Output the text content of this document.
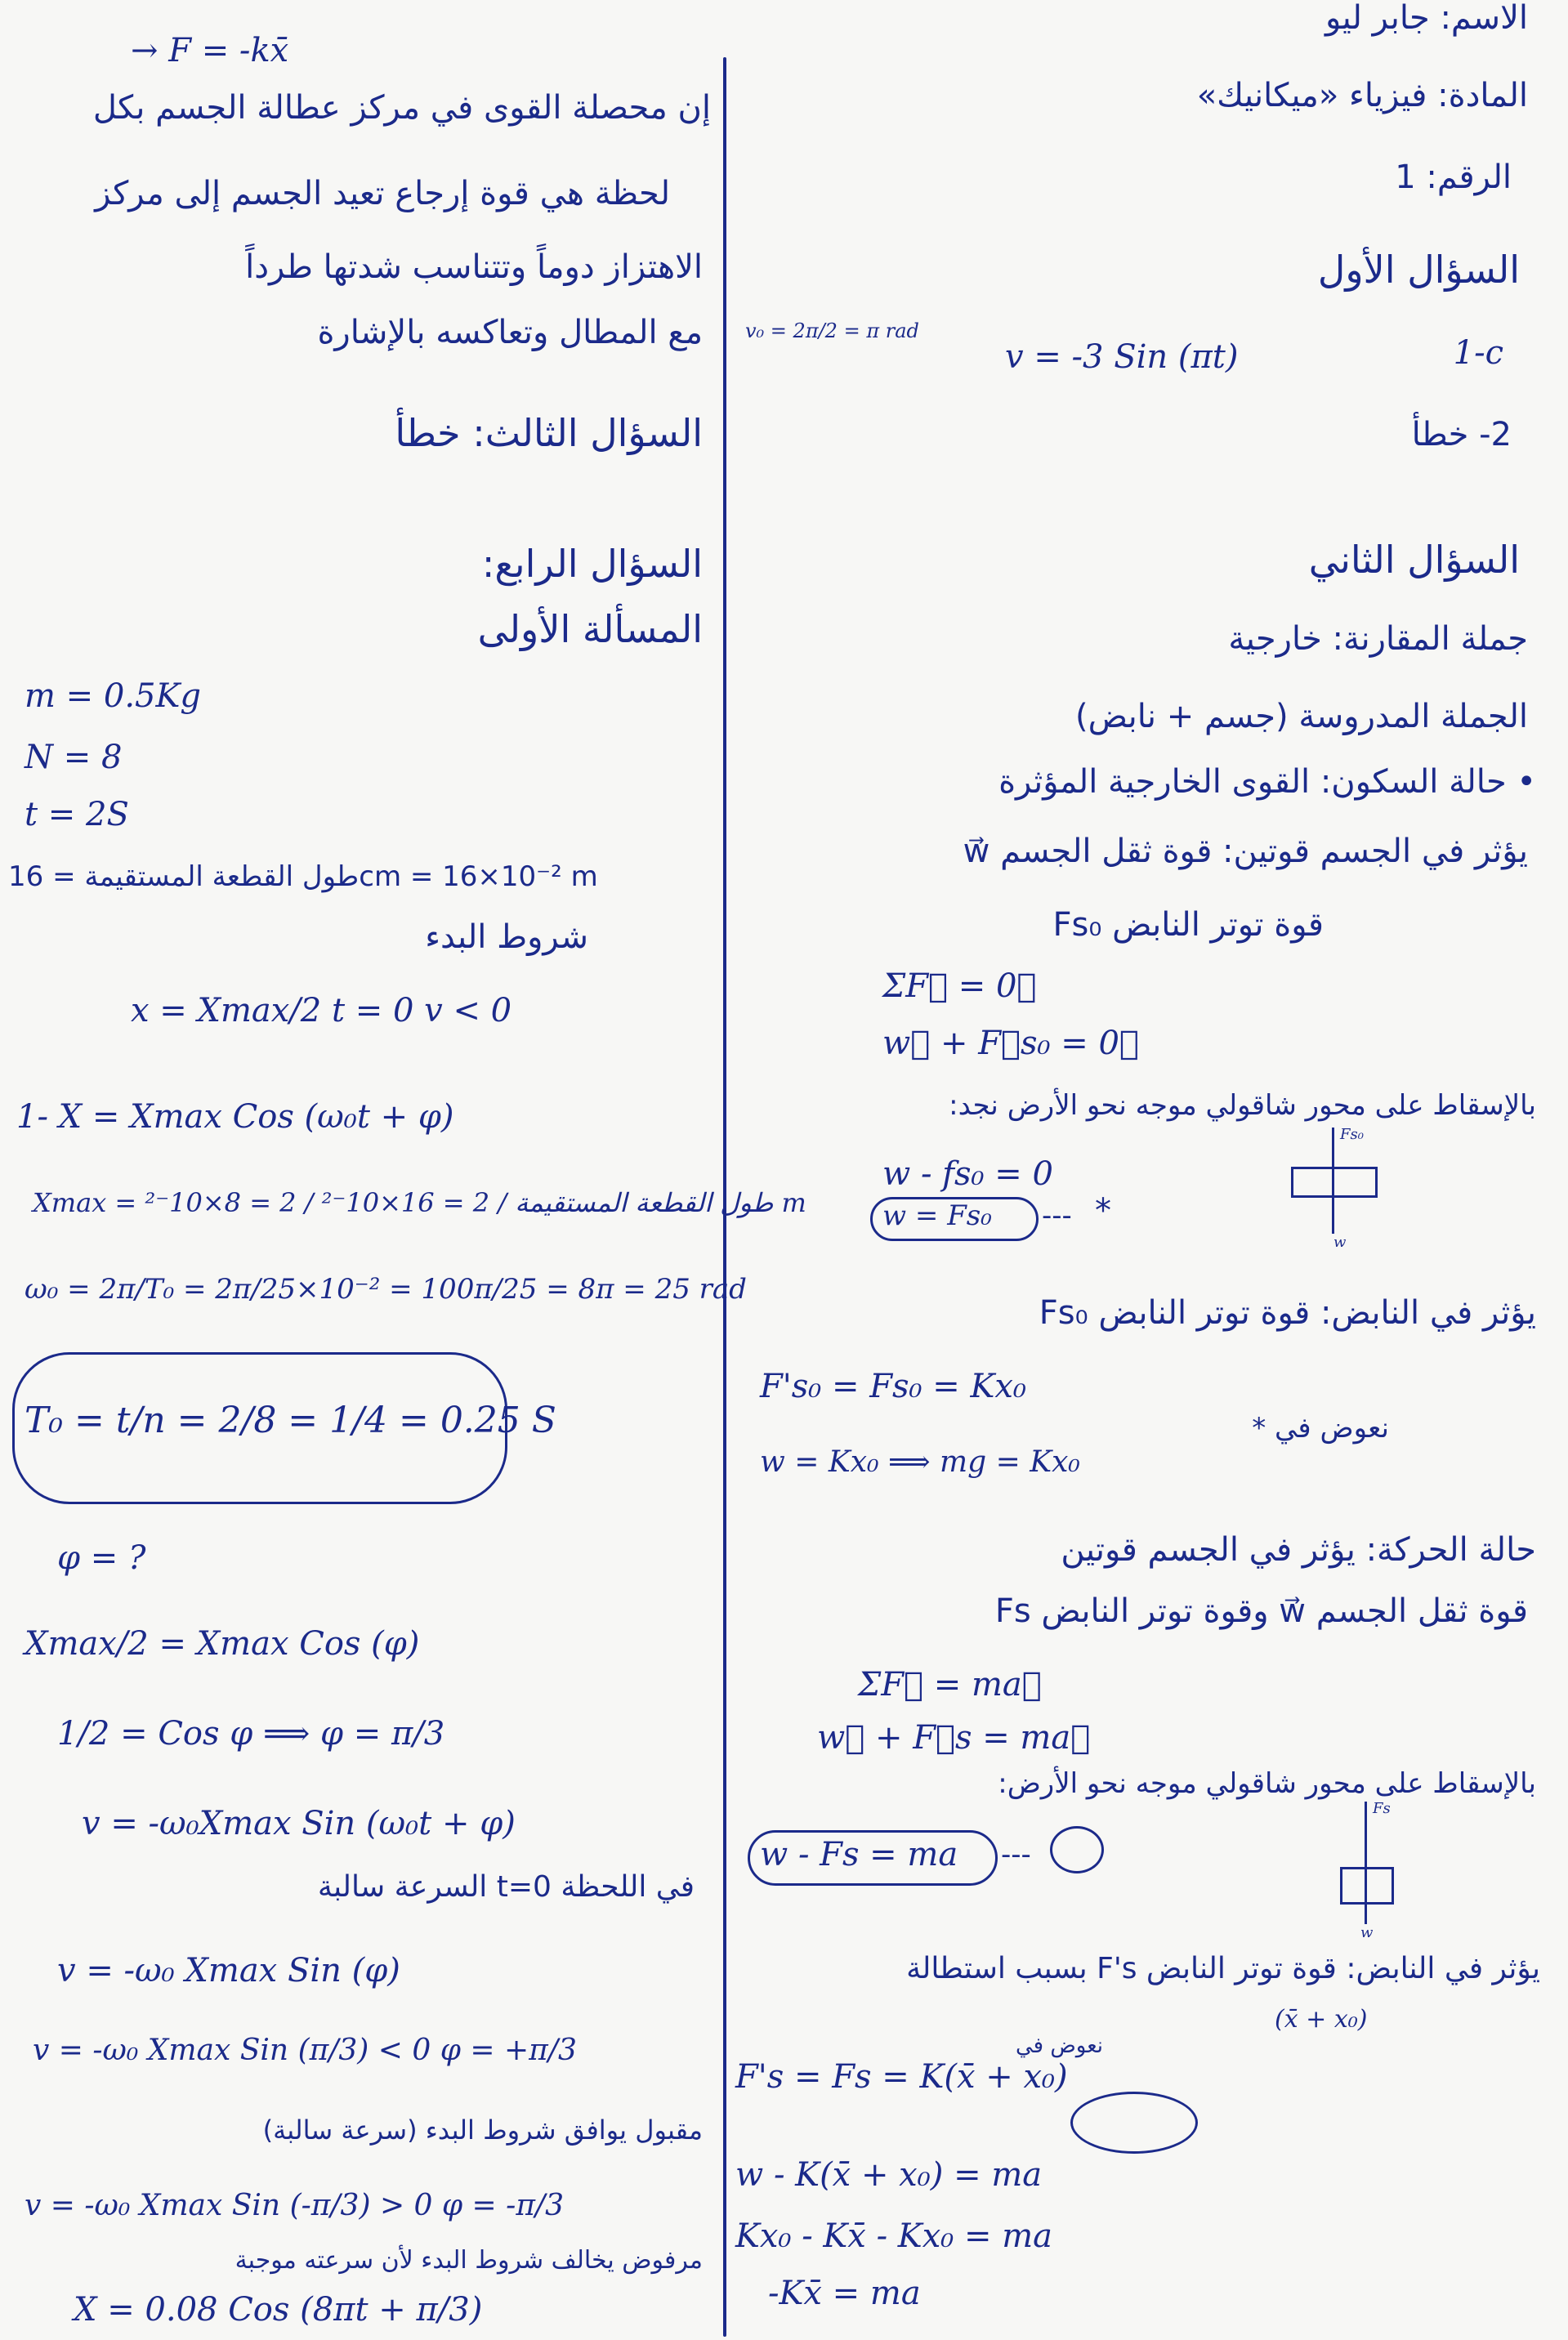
الاسم: جابر ليو
المادة: فيزياء «ميكانيك»
الرقم: 1
السؤال الأول
v₀ = 2π/2 = π rad
v = -3 Sin (πt)	1-c
2- خطأ
السؤال الثاني
جملة المقارنة: خارجية
الجملة المدروسة (جسم + نابض)
• حالة السكون: القوى الخارجية المؤثرة
يؤثر في الجسم قوتين: قوة ثقل الجسم w⃗
قوة توتر النابض Fs₀
ΣF⃗ = 0⃗
w⃗ + F⃗s₀ = 0⃗
بالإسقاط على محور شاقولي موجه نحو الأرض نجد:
w - fs₀ = 0
w = Fs₀ --- *
Fs₀
w
يؤثر في النابض: قوة توتر النابض Fs₀
F's₀ = Fs₀ = Kx₀
نعوض في *
w = Kx₀ ⟹ mg = Kx₀
حالة الحركة: يؤثر في الجسم قوتين
قوة ثقل الجسم w⃗ وقوة توتر النابض Fs
ΣF⃗ = ma⃗
w⃗ + F⃗s = ma⃗
بالإسقاط على محور شاقولي موجه نحو الأرض:
w - Fs = ma ---
Fs
w
يؤثر في النابض: قوة توتر النابض F's بسبب استطالة
(x̄ + x₀)
F's = Fs = K(x̄ + x₀)
نعوض في
w - K(x̄ + x₀) = ma
Kx₀ - Kx̄ - Kx₀ = ma
-Kx̄ = ma
→ F = -kx̄
إن محصلة القوى في مركز عطالة الجسم بكل
لحظة هي قوة إرجاع تعيد الجسم إلى مركز
الاهتزاز دوماً وتتناسب شدتها طرداً
مع المطال وتعاكسه بالإشارة
السؤال الثالث: خطأ
السؤال الرابع:
المسألة الأولى
m = 0.5Kg
N = 8
t = 2S
طول القطعة المستقيمة = 16cm = 16×10⁻² m
شروط البدء
x = Xmax/2 t = 0 v < 0
1- X = Xmax Cos (ω₀t + φ)
Xmax = طول القطعة المستقيمة / 2 = 16×10⁻² / 2 = 8×10⁻² m
ω₀ = 2π/T₀ = 2π/25×10⁻² = 100π/25 = 8π = 25 rad
T₀ = t/n = 2/8 = 1/4 = 0.25 S
φ = ?
Xmax/2 = Xmax Cos (φ)
1/2 = Cos φ ⟹ φ = π/3
v = -ω₀Xmax Sin (ω₀t + φ)
في اللحظة t=0 السرعة سالبة
v = -ω₀ Xmax Sin (φ)
v = -ω₀ Xmax Sin (π/3) < 0 φ = +π/3
مقبول يوافق شروط البدء (سرعة سالبة)
v = -ω₀ Xmax Sin (-π/3) > 0 φ = -π/3
مرفوض يخالف شروط البدء لأن سرعته موجبة
X = 0.08 Cos (8πt + π/3)
